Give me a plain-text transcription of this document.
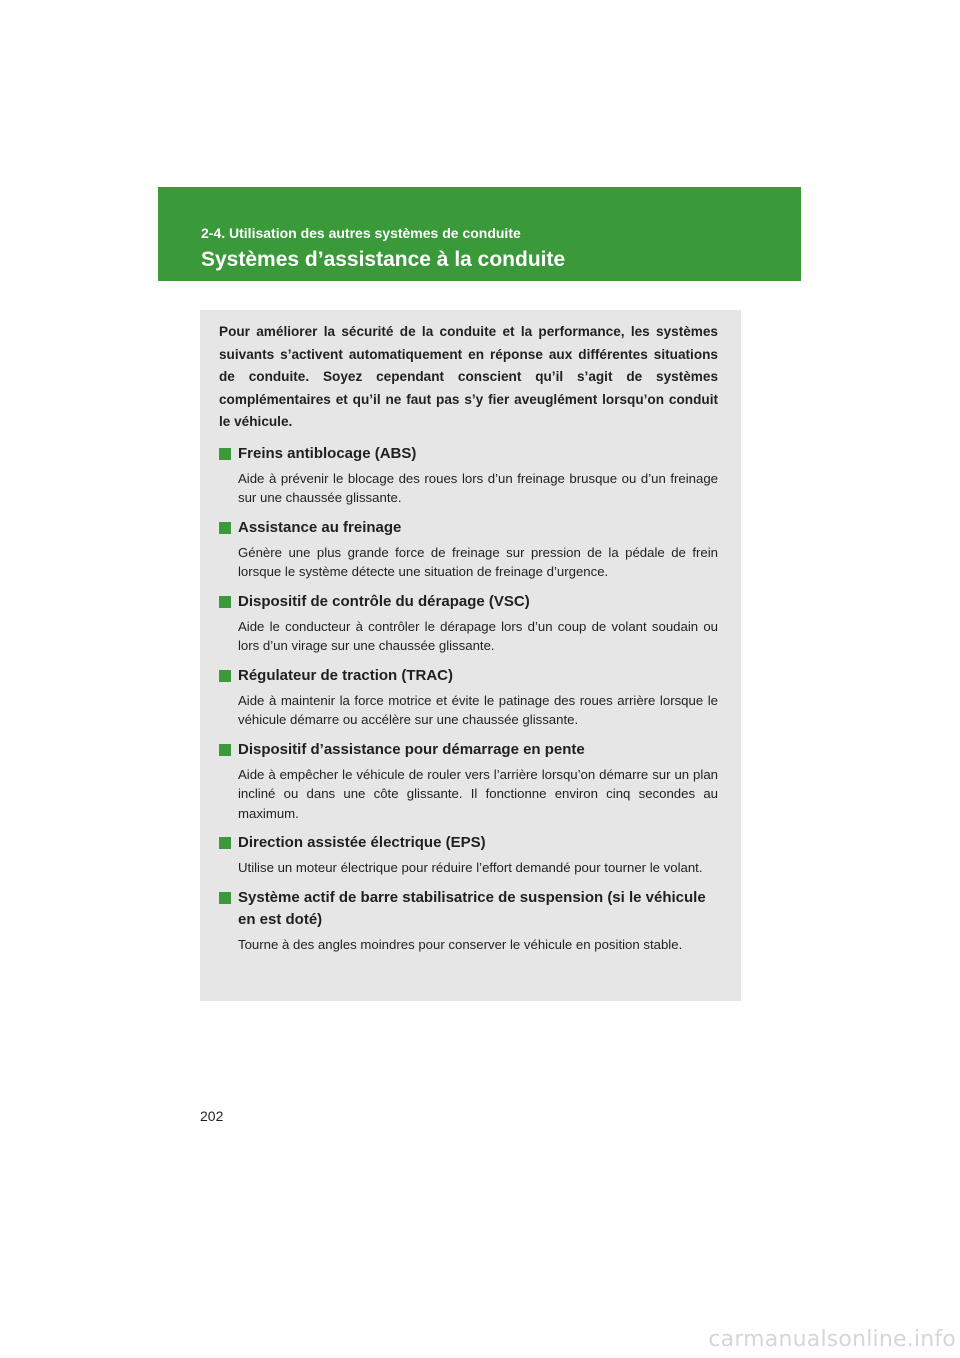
2-4. Utilisation des autres systèmes de conduite
Systèmes d’assistance à la conduite

Pour améliorer la sécurité de la conduite et la performance, les systèmes suivants s’activent automatiquement en réponse aux différentes situations de conduite. Soyez cependant conscient qu’il s’agit de systèmes complémentaires et qu’il ne faut pas s’y fier aveuglément lorsqu’on conduit le véhicule.

Freins antiblocage (ABS)

Aide à prévenir le blocage des roues lors d’un freinage brusque ou d’un freinage sur une chaussée glissante.

Assistance au freinage

Génère une plus grande force de freinage sur pression de la pédale de frein lorsque le système détecte une situation de freinage d’urgence.

Dispositif de contrôle du dérapage (VSC)

Aide le conducteur à contrôler le dérapage lors d’un coup de volant soudain ou lors d’un virage sur une chaussée glissante.

Régulateur de traction (TRAC)

Aide à maintenir la force motrice et évite le patinage des roues arrière lorsque le véhicule démarre ou accélère sur une chaussée glissante.

Dispositif d’assistance pour démarrage en pente

Aide à empêcher le véhicule de rouler vers l’arrière lorsqu’on démarre sur un plan incliné ou dans une côte glissante. Il fonctionne environ cinq secondes au maximum.

Direction assistée électrique (EPS)

Utilise un moteur électrique pour réduire l’effort demandé pour tourner le volant.

Système actif de barre stabilisatrice de suspension (si le véhicule en est doté)

Tourne à des angles moindres pour conserver le véhicule en position stable.

202
carmanualsonline.info
